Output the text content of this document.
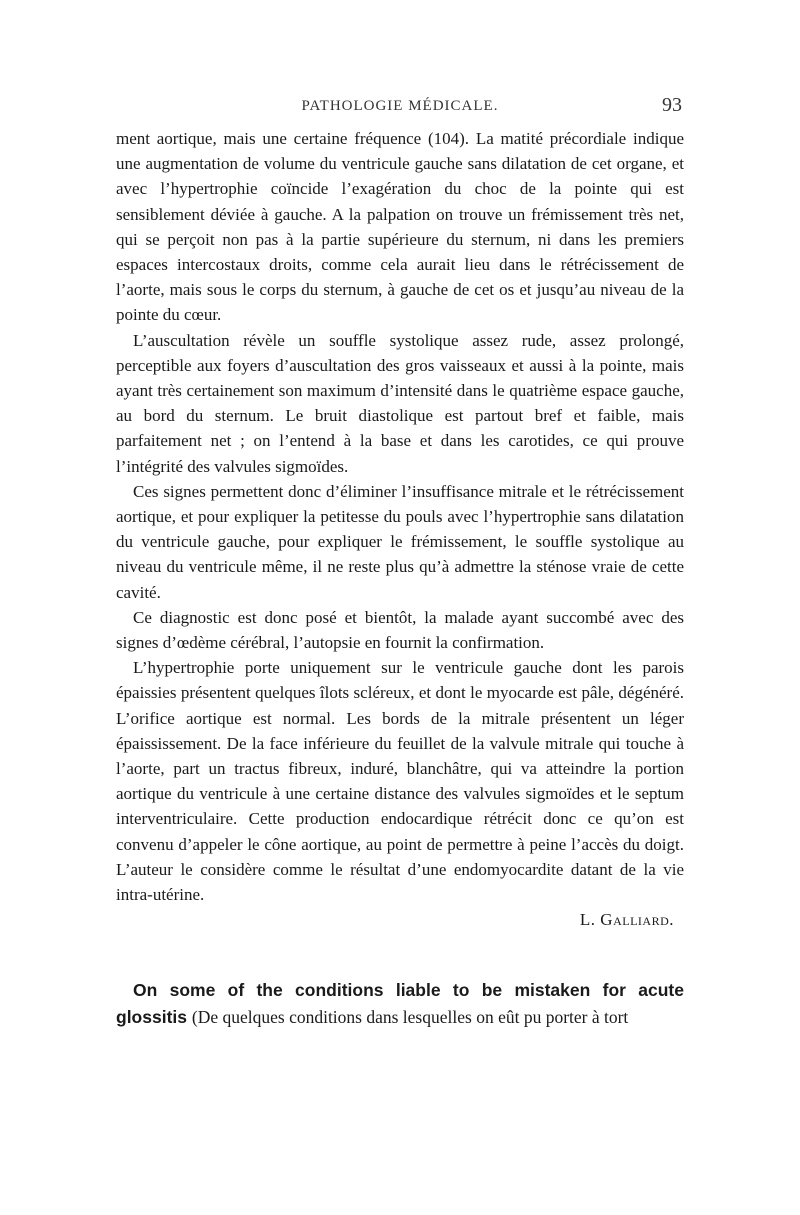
PATHOLOGIE MÉDICALE.	93

ment aortique, mais une certaine fréquence (104). La matité précordiale indique une augmentation de volume du ventricule gauche sans dilatation de cet organe, et avec l’hypertrophie coïncide l’exagération du choc de la pointe qui est sensiblement déviée à gauche. A la palpation on trouve un frémissement très net, qui se perçoit non pas à la partie supérieure du sternum, ni dans les premiers espaces intercostaux droits, comme cela aurait lieu dans le rétrécissement de l’aorte, mais sous le corps du sternum, à gauche de cet os et jusqu’au niveau de la pointe du cœur.

L’auscultation révèle un souffle systolique assez rude, assez prolongé, perceptible aux foyers d’auscultation des gros vaisseaux et aussi à la pointe, mais ayant très certainement son maximum d’intensité dans le quatrième espace gauche, au bord du sternum. Le bruit diastolique est partout bref et faible, mais parfaitement net ; on l’entend à la base et dans les carotides, ce qui prouve l’intégrité des valvules sigmoïdes.

Ces signes permettent donc d’éliminer l’insuffisance mitrale et le rétrécissement aortique, et pour expliquer la petitesse du pouls avec l’hypertrophie sans dilatation du ventricule gauche, pour expliquer le frémissement, le souffle systolique au niveau du ventricule même, il ne reste plus qu’à admettre la sténose vraie de cette cavité.

Ce diagnostic est donc posé et bientôt, la malade ayant succombé avec des signes d’œdème cérébral, l’autopsie en fournit la confirmation.

L’hypertrophie porte uniquement sur le ventricule gauche dont les parois épaissies présentent quelques îlots scléreux, et dont le myocarde est pâle, dégénéré. L’orifice aortique est normal. Les bords de la mitrale présentent un léger épaississement. De la face inférieure du feuillet de la valvule mitrale qui touche à l’aorte, part un tractus fibreux, induré, blanchâtre, qui va atteindre la portion aortique du ventricule à une certaine distance des valvules sigmoïdes et le septum interventriculaire. Cette production endocardique rétrécit donc ce qu’on est convenu d’appeler le cône aortique, au point de permettre à peine l’accès du doigt. L’auteur le considère comme le résultat d’une endomyocardite datant de la vie intra-utérine.

L. Galliard.

On some of the conditions liable to be mistaken for acute glossitis (De quelques conditions dans lesquelles on eût pu porter à tort
